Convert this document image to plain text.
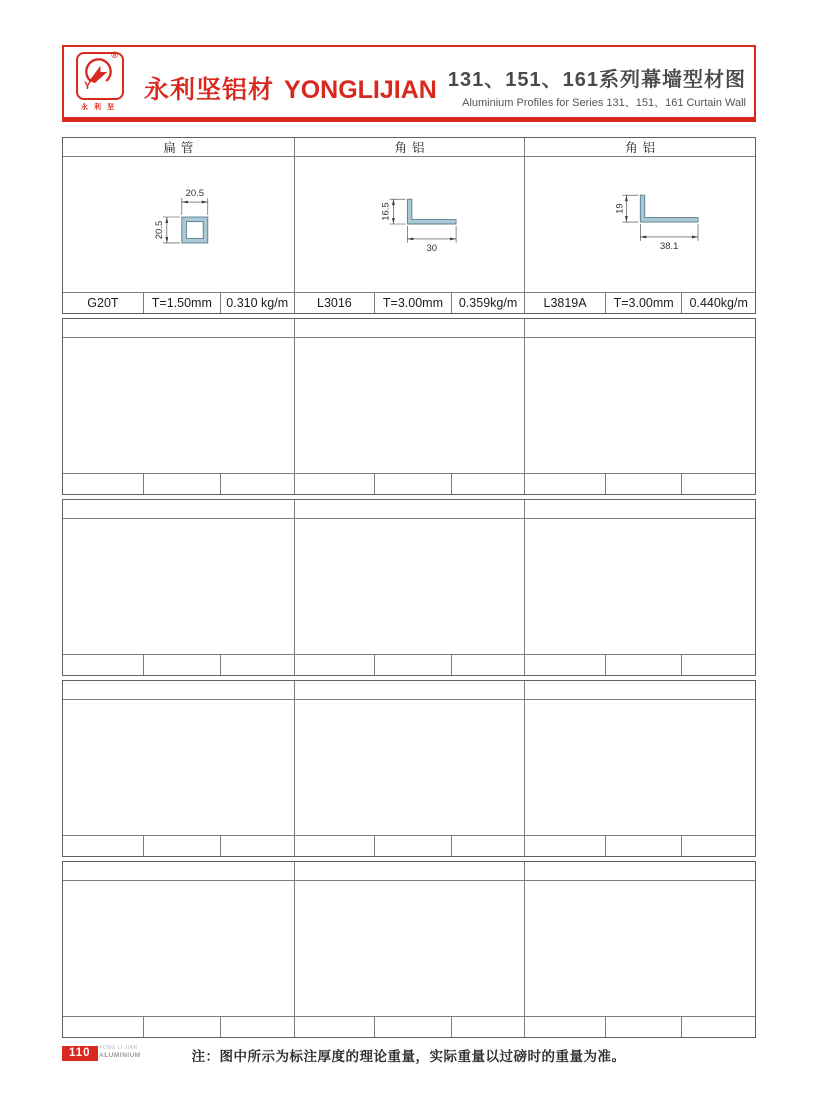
®
Y
永利坚
永利坚铝材 YONGLIJIAN 131、151、161系列幕墙型材图
Aluminium Profiles for Series 131、151、161 Curtain Wall
扁管	角铝	角铝
20.5
20.5
16.5
30
19
38.1
G20T	T=1.50mm	0.310 kg/m	L3016	T=3.00mm	0.359kg/m	L3819A	T=3.00mm	0.440kg/m
注：图中所示为标注厚度的理论重量，实际重量以过磅时的重量为准。
110	YONG LI JIAN
ALUMINIUM
